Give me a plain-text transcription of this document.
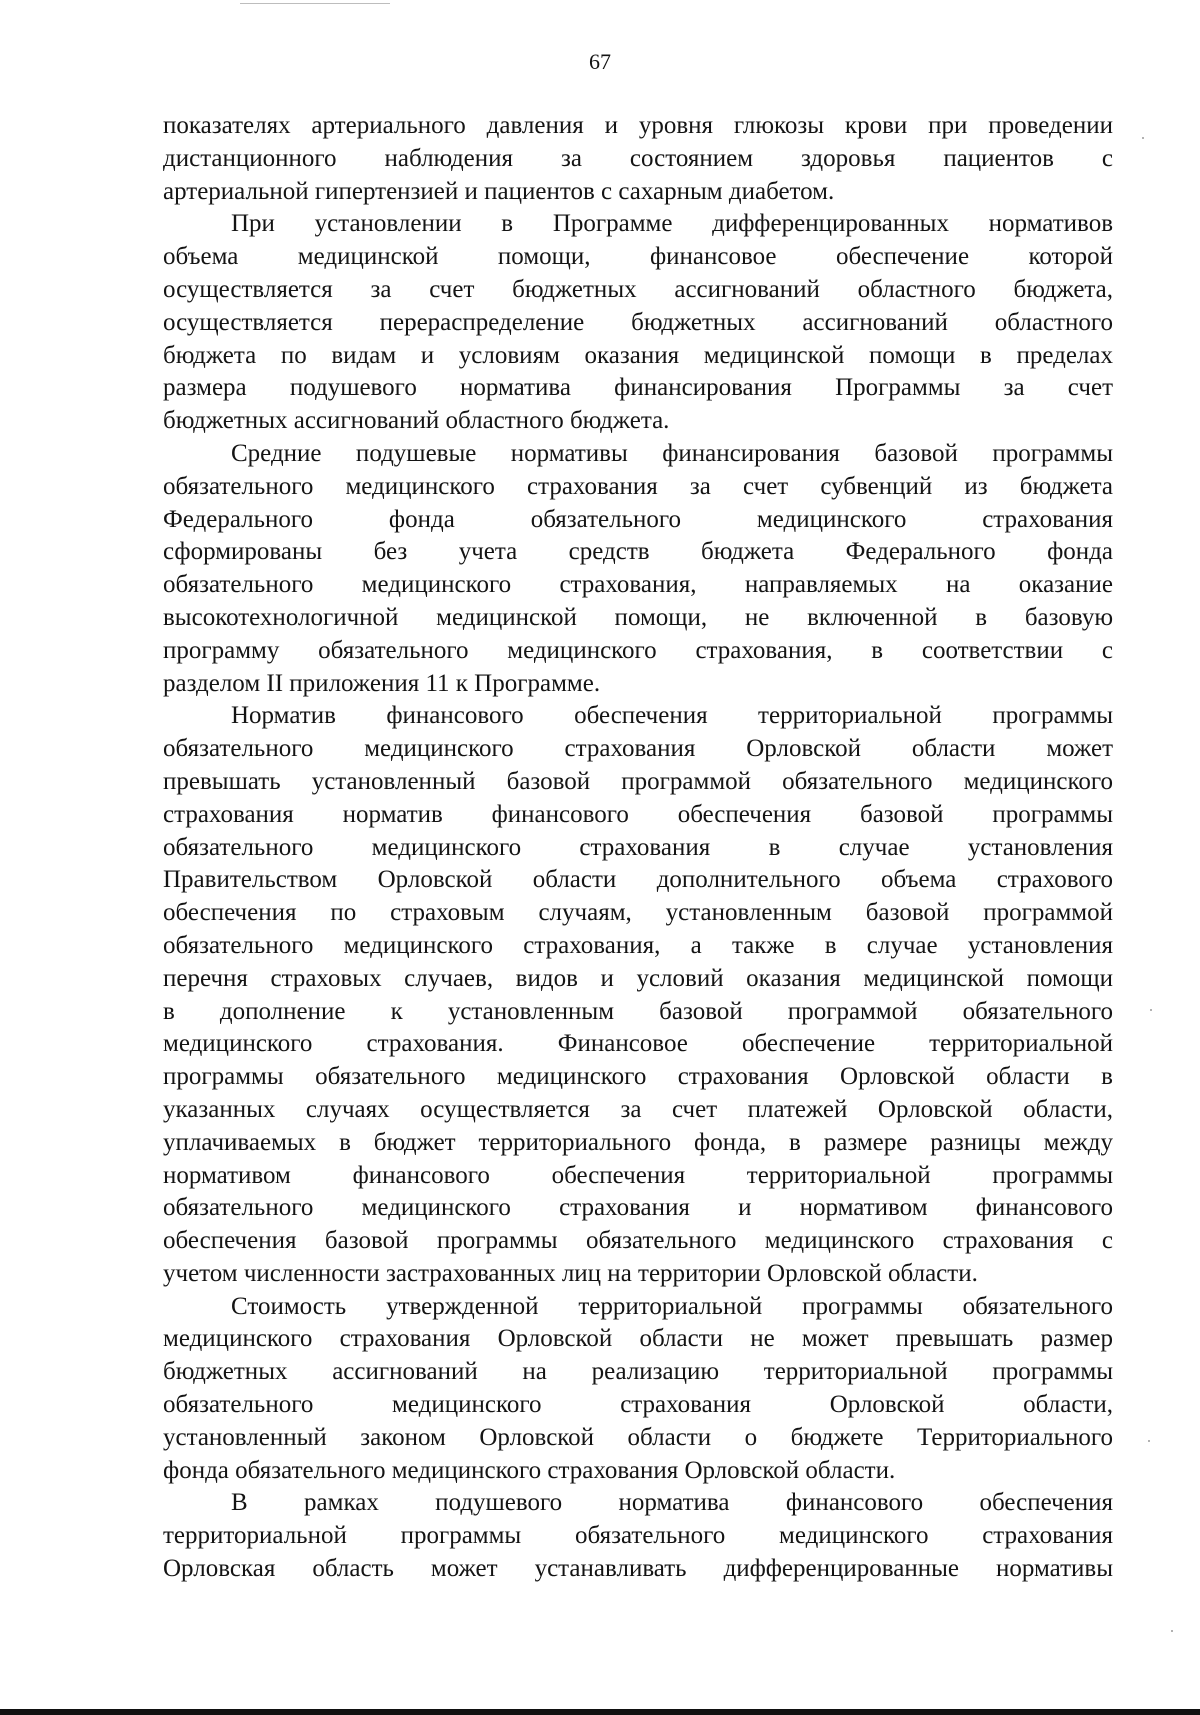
67
показателях артериального давления и уровня глюкозы крови при проведении
дистанционного наблюдения за состоянием здоровья пациентов с
артериальной гипертензией и пациентов с сахарным диабетом.
При установлении в Программе дифференцированных нормативов
объема медицинской помощи, финансовое обеспечение которой
осуществляется за счет бюджетных ассигнований областного бюджета,
осуществляется перераспределение бюджетных ассигнований областного
бюджета по видам и условиям оказания медицинской помощи в пределах
размера подушевого норматива финансирования Программы за счет
бюджетных ассигнований областного бюджета.
Средние подушевые нормативы финансирования базовой программы
обязательного медицинского страхования за счет субвенций из бюджета
Федерального фонда обязательного медицинского страхования
сформированы без учета средств бюджета Федерального фонда
обязательного медицинского страхования, направляемых на оказание
высокотехнологичной медицинской помощи, не включенной в базовую
программу обязательного медицинского страхования, в соответствии с
разделом II приложения 11 к Программе.
Норматив финансового обеспечения территориальной программы
обязательного медицинского страхования Орловской области может
превышать установленный базовой программой обязательного медицинского
страхования норматив финансового обеспечения базовой программы
обязательного медицинского страхования в случае установления
Правительством Орловской области дополнительного объема страхового
обеспечения по страховым случаям, установленным базовой программой
обязательного медицинского страхования, а также в случае установления
перечня страховых случаев, видов и условий оказания медицинской помощи
в дополнение к установленным базовой программой обязательного
медицинского страхования. Финансовое обеспечение территориальной
программы обязательного медицинского страхования Орловской области в
указанных случаях осуществляется за счет платежей Орловской области,
уплачиваемых в бюджет территориального фонда, в размере разницы между
нормативом финансового обеспечения территориальной программы
обязательного медицинского страхования и нормативом финансового
обеспечения базовой программы обязательного медицинского страхования с
учетом численности застрахованных лиц на территории Орловской области.
Стоимость утвержденной территориальной программы обязательного
медицинского страхования Орловской области не может превышать размер
бюджетных ассигнований на реализацию территориальной программы
обязательного медицинского страхования Орловской области,
установленный законом Орловской области о бюджете Территориального
фонда обязательного медицинского страхования Орловской области.
В рамках подушевого норматива финансового обеспечения
территориальной программы обязательного медицинского страхования
Орловская область может устанавливать дифференцированные нормативы
